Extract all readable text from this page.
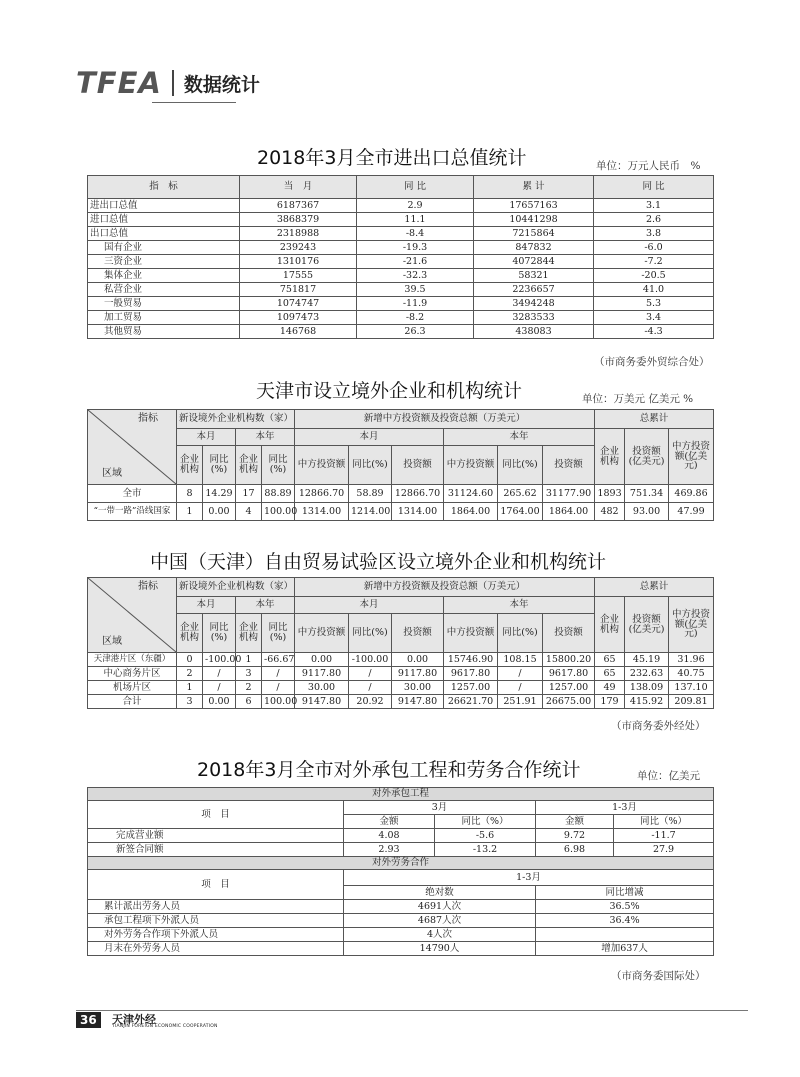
TFEA 数据统计
2018年3月全市进出口总值统计	单位：万元人民币　%
指　标	当　月	同 比	累 计	同 比
进出口总值	6187367	2.9	17657163	3.1
进口总值	3868379	11.1	10441298	2.6
出口总值	2318988	-8.4	7215864	3.8
国有企业	239243	-19.3	847832	-6.0
三资企业	1310176	-21.6	4072844	-7.2
集体企业	17555	-32.3	58321	-20.5
私营企业	751817	39.5	2236657	41.0
一般贸易	1074747	-11.9	3494248	5.3
加工贸易	1097473	-8.2	3283533	3.4
其他贸易	146768	26.3	438083	-4.3
（市商务委外贸综合处）
天津市设立境外企业和机构统计	单位：万美元 亿美元 %
指标
区域	新设境外企业机构数（家）				新增中方投资额及投资总额（万美元）						总累计		
	本月		本年		本月			本年			企业机构	投资额(亿美元)	中方投资额(亿美元)
	企业机构	同比(%)	企业机构	同比(%)	中方投资额	同比(%)	投资额	中方投资额	同比(%)	投资额			
全市	8	14.29	17	88.89	12866.70	58.89	12866.70	31124.60	265.62	31177.90	1893	751.34	469.86
“一带一路”沿线国家	1	0.00	4	100.00	1314.00	1214.00	1314.00	1864.00	1764.00	1864.00	482	93.00	47.99
中国（天津）自由贸易试验区设立境外企业和机构统计
指标
区域	新设境外企业机构数（家）				新增中方投资额及投资总额（万美元）						总累计		
	本月		本年		本月			本年			企业机构	投资额(亿美元)	中方投资额(亿美元)
	企业机构	同比(%)	企业机构	同比(%)	中方投资额	同比(%)	投资额	中方投资额	同比(%)	投资额			
天津港片区（东疆）	0	-100.00	1	-66.67	0.00	-100.00	0.00	15746.90	108.15	15800.20	65	45.19	31.96
中心商务片区	2	/	3	/	9117.80	/	9117.80	9617.80	/	9617.80	65	232.63	40.75
机场片区	1	/	2	/	30.00	/	30.00	1257.00	/	1257.00	49	138.09	137.10
合计	3	0.00	6	100.00	9147.80	20.92	9147.80	26621.70	251.91	26675.00	179	415.92	209.81
（市商务委外经处）
2018年3月全市对外承包工程和劳务合作统计	单位：亿美元
对外承包工程				
项　目	3月		1-3月	
	金额	同比（%）	金额	同比（%）
完成营业额	4.08	-5.6	9.72	-11.7
新签合同额	2.93	-13.2	6.98	27.9
对外劳务合作				
项　目	1-3月			
	绝对数		同比增减	
累计派出劳务人员	4691人次		36.5%	
承包工程项下外派人员	4687人次		36.4%	
对外劳务合作项下外派人员	4人次			
月末在外劳务人员	14790人		增加637人	
（市商务委国际处）
36	天津外经
TIANJIN FOREIGN ECONOMIC COOPERATION
